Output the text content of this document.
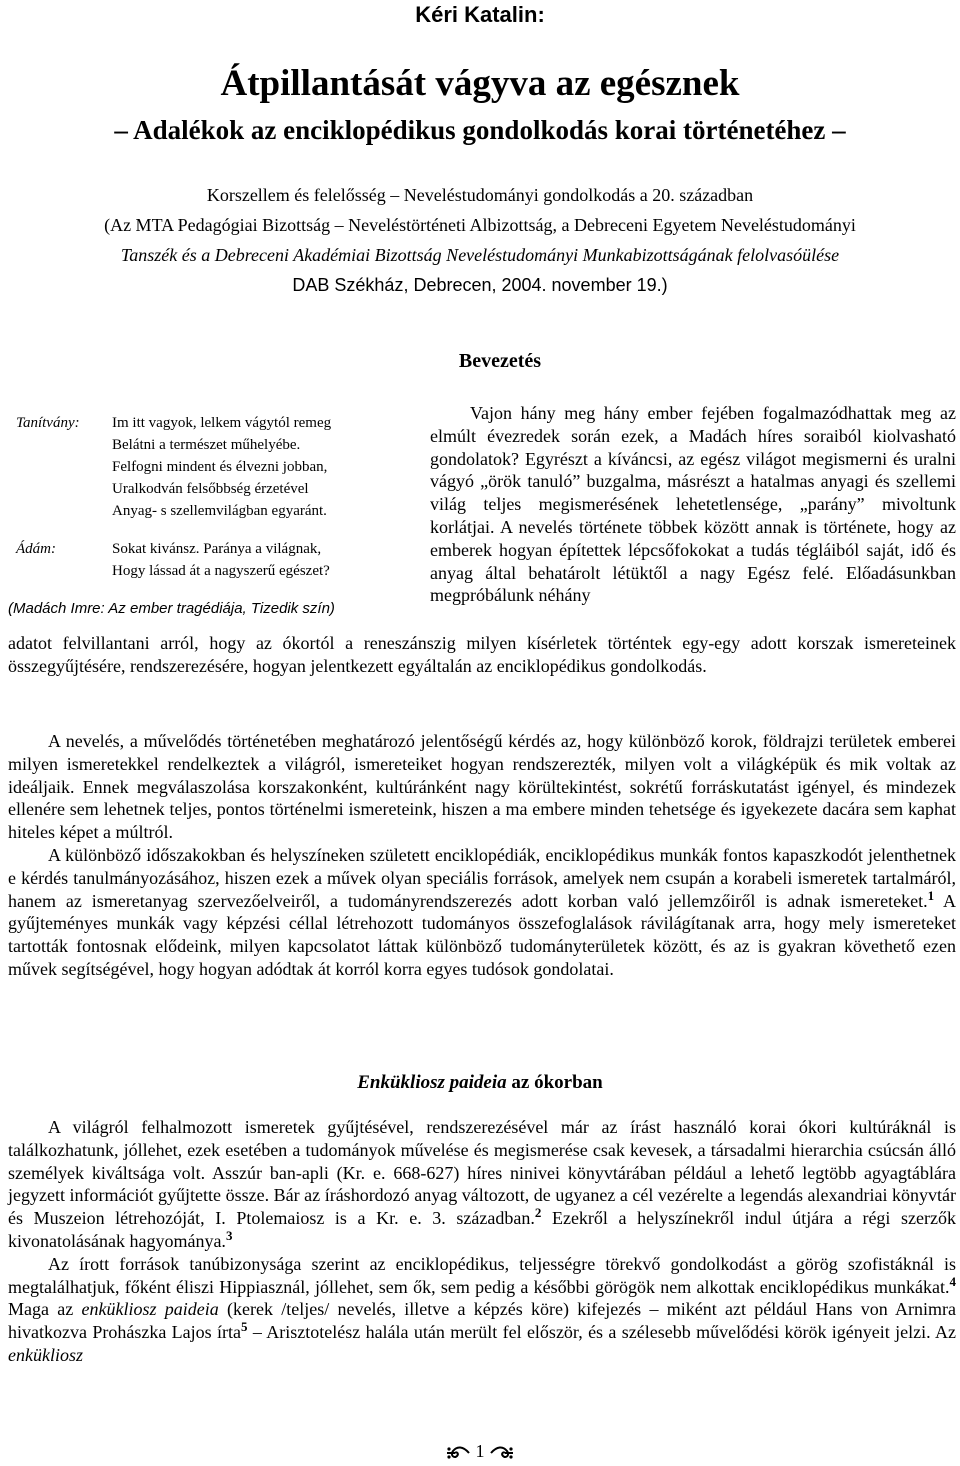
Kéri Katalin:
Átpillantását vágyva az egésznek
– Adalékok az enciklopédikus gondolkodás korai történetéhez –
Korszellem és felelősség – Neveléstudományi gondolkodás a 20. században
(Az MTA Pedagógiai Bizottság – Neveléstörténeti Albizottság, a Debreceni Egyetem Neveléstudományi
Tanszék és a Debreceni Akadémiai Bizottság Neveléstudományi Munkabizottságának felolvasóülése
DAB Székház, Debrecen, 2004. november 19.)
Bevezetés
Tanítvány: Im itt vagyok, lelkem vágytól remeg
Belátni a természet műhelyébe.
Felfogni mindent és élvezni jobban,
Uralkodván felsőbbség érzetével
Anyag- s szellemvilágban egyaránt.
Ádám:	Sokat kivánsz. Paránya a világnak,
Hogy lássad át a nagyszerű egészet?
(Madách Imre: Az ember tragédiája, Tizedik szín)

Vajon hány meg hány ember fejében fogalmazódhattak meg az elmúlt évezredek során ezek, a Madách híres soraiból kiolvasható gondolatok? Egyrészt a kíváncsi, az egész világot megismerni és uralni vágyó „örök tanuló” buzgalma, másrészt a hatalmas anyagi és szellemi világ teljes megismerésének lehetetlensége, „parány” mivoltunk korlátjai. A nevelés története többek között annak is története, hogy az emberek hogyan építettek lépcsőfokokat a tudás tégláiból saját, idő és anyag által behatárolt létüktől a nagy Egész felé. Előadásunkban megpróbálunk néhány

adatot felvillantani arról, hogy az ókortól a reneszánszig milyen kísérletek történtek egy-egy adott korszak ismereteinek összegyűjtésére, rendszerezésére, hogyan jelentkezett egyáltalán az enciklopédikus gondolkodás.

A nevelés, a művelődés történetében meghatározó jelentőségű kérdés az, hogy különböző korok, földrajzi területek emberei milyen ismeretekkel rendelkeztek a világról, ismereteiket hogyan rendszerezték, milyen volt a világképük és mik voltak az ideáljaik. Ennek megválaszolása korszakonként, kultúránként nagy körültekintést, sokrétű forráskutatást igényel, és mindezek ellenére sem lehetnek teljes, pontos történelmi ismereteink, hiszen a ma embere minden tehetsége és igyekezete dacára sem kaphat hiteles képet a múltról.

A különböző időszakokban és helyszíneken született enciklopédiák, enciklopédikus munkák fontos kapaszkodót jelenthetnek e kérdés tanulmányozásához, hiszen ezek a művek olyan speciális források, amelyek nem csupán a korabeli ismeretek tartalmáról, hanem az ismeretanyag szervezőelveiről, a tudományrendszerezés adott korban való jellemzőiről is adnak ismereteket.$^1$ A gyűjteményes munkák vagy képzési céllal létrehozott tudományos összefoglalások rávilágítanak arra, hogy mely ismereteket tartották fontosnak elődeink, milyen kapcsolatot láttak különböző tudományterületek között, és az is gyakran követhető ezen művek segítségével, hogy hogyan adódtak át korról korra egyes tudósok gondolatai.

Enkükliosz paideia az ókorban

A világról felhalmozott ismeretek gyűjtésével, rendszerezésével már az írást használó korai ókori kultúráknál is találkozhatunk, jóllehet, ezek esetében a tudományok művelése és megismerése csak kevesek, a társadalmi hierarchia csúcsán álló személyek kiváltsága volt. Asszúr ban-apli (Kr. e. 668-627) híres ninivei könyvtárában például a lehető legtöbb agyagtáblára jegyzett információt gyűjtette össze. Bár az íráshordozó anyag változott, de ugyanez a cél vezérelte a legendás alexandriai könyvtár és Muszeion létrehozóját, I. Ptolemaiosz is a Kr. e. 3. században.$^2$ Ezekről a helyszínekről indul útjára a régi szerzők kivonatolásának hagyománya.$^3$

Az írott források tanúbizonysága szerint az enciklopédikus, teljességre törekvő gondolkodást a görög szofistáknál is megtalálhatjuk, főként éliszi Hippiasznál, jóllehet, sem ők, sem pedig a későbbi görögök nem alkottak enciklopédikus munkákat.$^4$ Maga az enkükliosz paideia (kerek /teljes/ nevelés, illetve a képzés köre) kifejezés – miként azt például Hans von Arnimra hivatkozva Prohászka Lajos írta$^5$ – Arisztotelész halála után merült fel először, és a szélesebb művelődési körök igényeit jelzi. Az enkükliosz

1
